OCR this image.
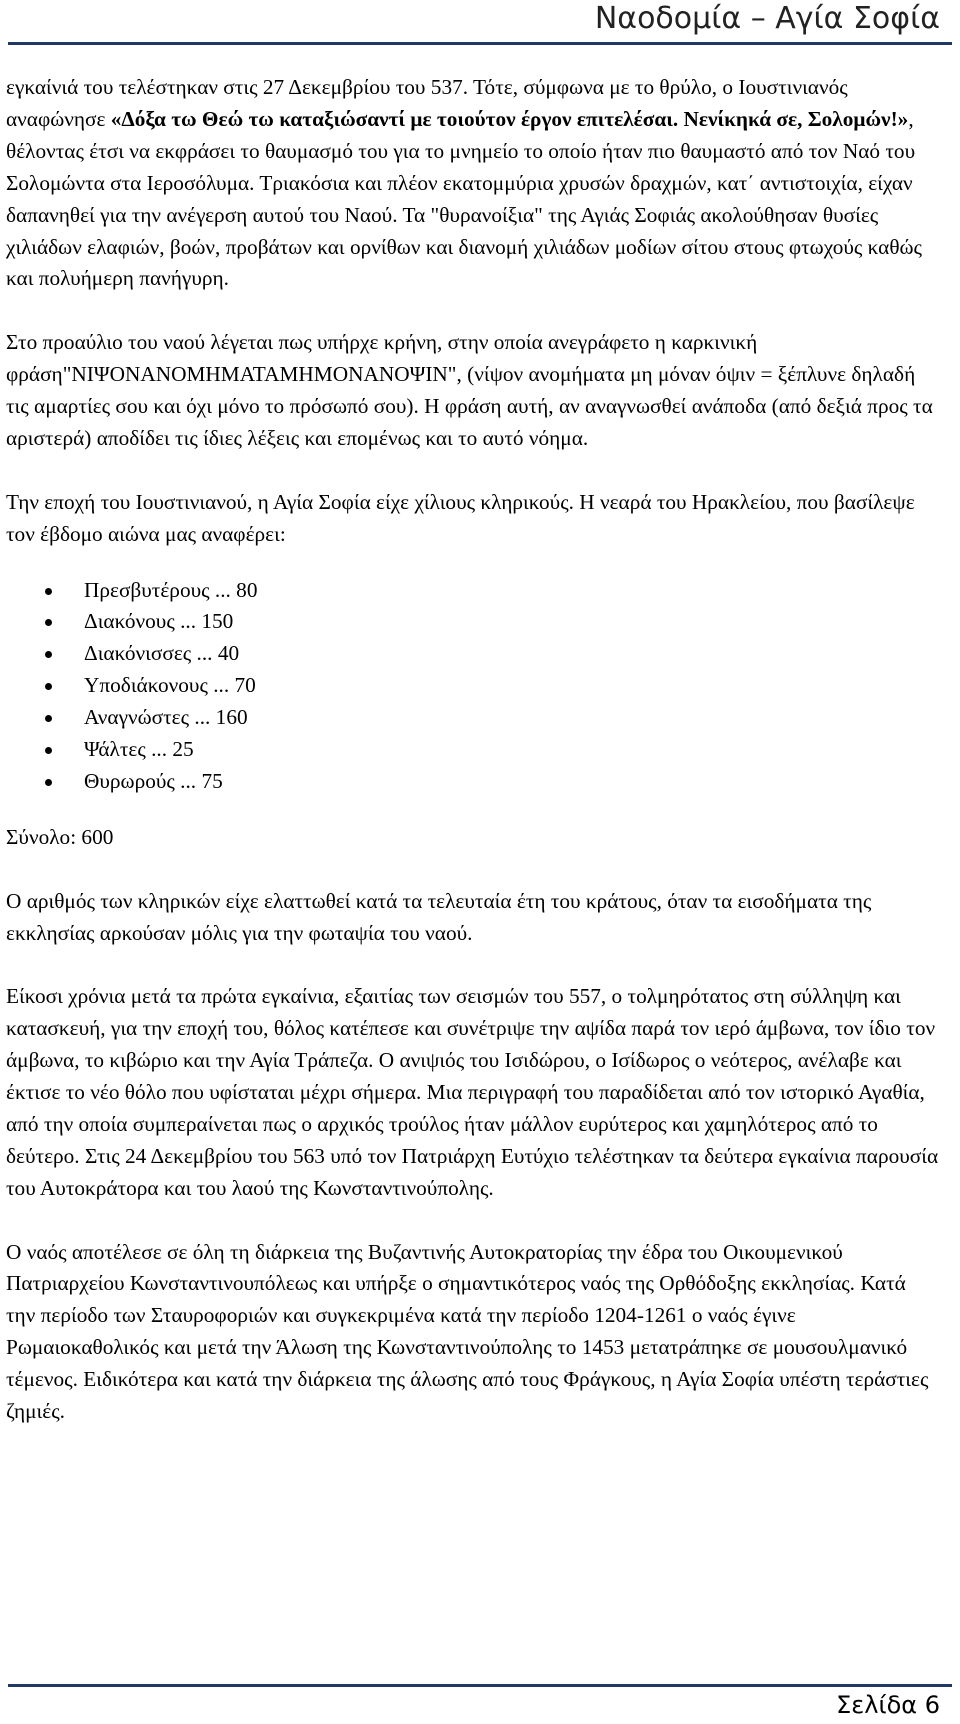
Ναοδομία – Αγία Σοφία

εγκαίνιά του τελέστηκαν στις 27 Δεκεμβρίου του 537. Τότε, σύμφωνα με το θρύλο, ο Ιουστινιανός αναφώνησε «Δόξα τω Θεώ τω καταξιώσαντί με τοιούτον έργον επιτελέσαι. Νενίκηκά σε, Σολομών!», θέλοντας έτσι να εκφράσει το θαυμασμό του για το μνημείο το οποίο ήταν πιο θαυμαστό από τον Ναό του Σολομώντα στα Ιεροσόλυμα. Τριακόσια και πλέον εκατομμύρια χρυσών δραχμών, κατ΄ αντιστοιχία, είχαν δαπανηθεί για την ανέγερση αυτού του Ναού. Τα "θυρανοίξια" της Αγιάς Σοφιάς ακολούθησαν θυσίες χιλιάδων ελαφιών, βοών, προβάτων και ορνίθων και διανομή χιλιάδων μοδίων σίτου στους φτωχούς καθώς και πολυήμερη πανήγυρη.

Στο προαύλιο του ναού λέγεται πως υπήρχε κρήνη, στην οποία ανεγράφετο η καρκινική φράση"ΝΙΨΟΝΑΝΟΜΗΜΑΤΑΜΗΜΟΝΑΝΟΨΙΝ", (νίψον ανομήματα μη μόναν όψιν = ξέπλυνε δηλαδή τις αμαρτίες σου και όχι μόνο το πρόσωπό σου). Η φράση αυτή, αν αναγνωσθεί ανάποδα (από δεξιά προς τα αριστερά) αποδίδει τις ίδιες λέξεις και επομένως και το αυτό νόημα.

Την εποχή του Ιουστινιανού, η Αγία Σοφία είχε χίλιους κληρικούς. Η νεαρά του Ηρακλείου, που βασίλεψε τον έβδομο αιώνα μας αναφέρει:

Πρεσβυτέρους ... 80
Διακόνους ... 150
Διακόνισσες ... 40
Υποδιάκονους ... 70
Αναγνώστες ... 160
Ψάλτες ... 25
Θυρωρούς ... 75

Σύνολο: 600

Ο αριθμός των κληρικών είχε ελαττωθεί κατά τα τελευταία έτη του κράτους, όταν τα εισοδήματα της εκκλησίας αρκούσαν μόλις για την φωταψία του ναού.

Είκοσι χρόνια μετά τα πρώτα εγκαίνια, εξαιτίας των σεισμών του 557, ο τολμηρότατος στη σύλληψη και κατασκευή, για την εποχή του, θόλος κατέπεσε και συνέτριψε την αψίδα παρά τον ιερό άμβωνα, τον ίδιο τον άμβωνα, το κιβώριο και την Αγία Τράπεζα. Ο ανιψιός του Ισιδώρου, ο Ισίδωρος ο νεότερος, ανέλαβε και έκτισε το νέο θόλο που υφίσταται μέχρι σήμερα. Μια περιγραφή του παραδίδεται από τον ιστορικό Αγαθία, από την οποία συμπεραίνεται πως ο αρχικός τρούλος ήταν μάλλον ευρύτερος και χαμηλότερος από το δεύτερο. Στις 24 Δεκεμβρίου του 563 υπό τον Πατριάρχη Ευτύχιο τελέστηκαν τα δεύτερα εγκαίνια παρουσία του Αυτοκράτορα και του λαού της Κωνσταντινούπολης.

Ο ναός αποτέλεσε σε όλη τη διάρκεια της Βυζαντινής Αυτοκρατορίας την έδρα του Οικουμενικού Πατριαρχείου Κωνσταντινουπόλεως και υπήρξε ο σημαντικότερος ναός της Ορθόδοξης εκκλησίας. Κατά την περίοδο των Σταυροφοριών και συγκεκριμένα κατά την περίοδο 1204-1261 ο ναός έγινε Ρωμαιοκαθολικός και μετά την Άλωση της Κωνσταντινούπολης το 1453 μετατράπηκε σε μουσουλμανικό τέμενος. Ειδικότερα και κατά την διάρκεια της άλωσης από τους Φράγκους, η Αγία Σοφία υπέστη τεράστιες ζημιές.

Σελίδα 6
